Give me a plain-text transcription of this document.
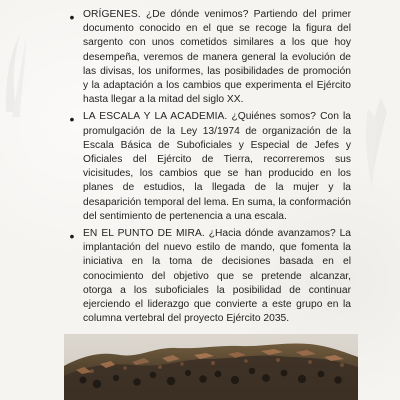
• ORÍGENES. ¿De dónde venimos? Partiendo del primer documento conocido en el que se recoge la figura del sargento con unos cometidos similares a los que hoy desempeña, veremos de manera general la evolución de las divisas, los uniformes, las posibilidades de promoción y la adaptación a los cambios que experimenta el Ejército hasta llegar a la mitad del siglo XX.

• LA ESCALA Y LA ACADEMIA. ¿Quiénes somos? Con la promulgación de la Ley 13/1974 de organización de la Escala Básica de Suboficiales y Especial de Jefes y Oficiales del Ejército de Tierra, recorreremos sus vicisitudes, los cambios que se han producido en los planes de estudios, la llegada de la mujer y la desaparición temporal del lema. En suma, la conformación del sentimiento de pertenencia a una escala.

• EN EL PUNTO DE MIRA. ¿Hacia dónde avanzamos? La implantación del nuevo estilo de mando, que fomenta la iniciativa en la toma de decisiones basada en el conocimiento del objetivo que se pretende alcanzar, otorga a los suboficiales la posibilidad de continuar ejerciendo el liderazgo que convierte a este grupo en la columna vertebral del proyecto Ejército 2035.
